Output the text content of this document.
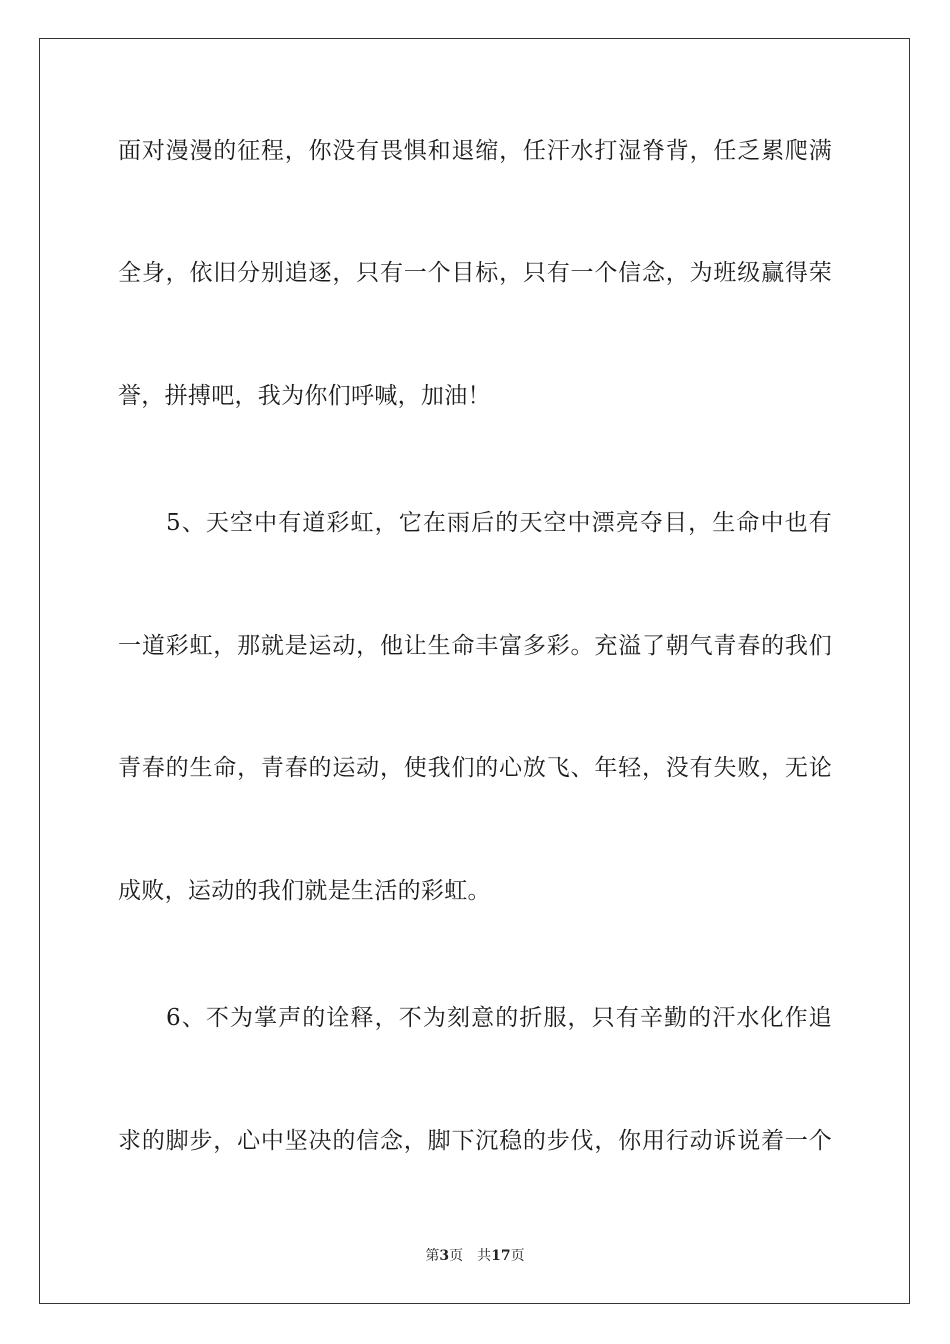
面对漫漫的征程，你没有畏惧和退缩，任汗水打湿脊背，任乏累爬满
全身，依旧分别追逐，只有一个目标，只有一个信念，为班级赢得荣
誉，拼搏吧，我为你们呼喊，加油！
5、天空中有道彩虹，它在雨后的天空中漂亮夺目，生命中也有
一道彩虹，那就是运动，他让生命丰富多彩。充溢了朝气青春的我们
青春的生命，青春的运动，使我们的心放飞、年轻，没有失败，无论
成败，运动的我们就是生活的彩虹。
6、不为掌声的诠释，不为刻意的折服，只有辛勤的汗水化作追
求的脚步，心中坚决的信念，脚下沉稳的步伐，你用行动诉说着一个
第3页 共17页
